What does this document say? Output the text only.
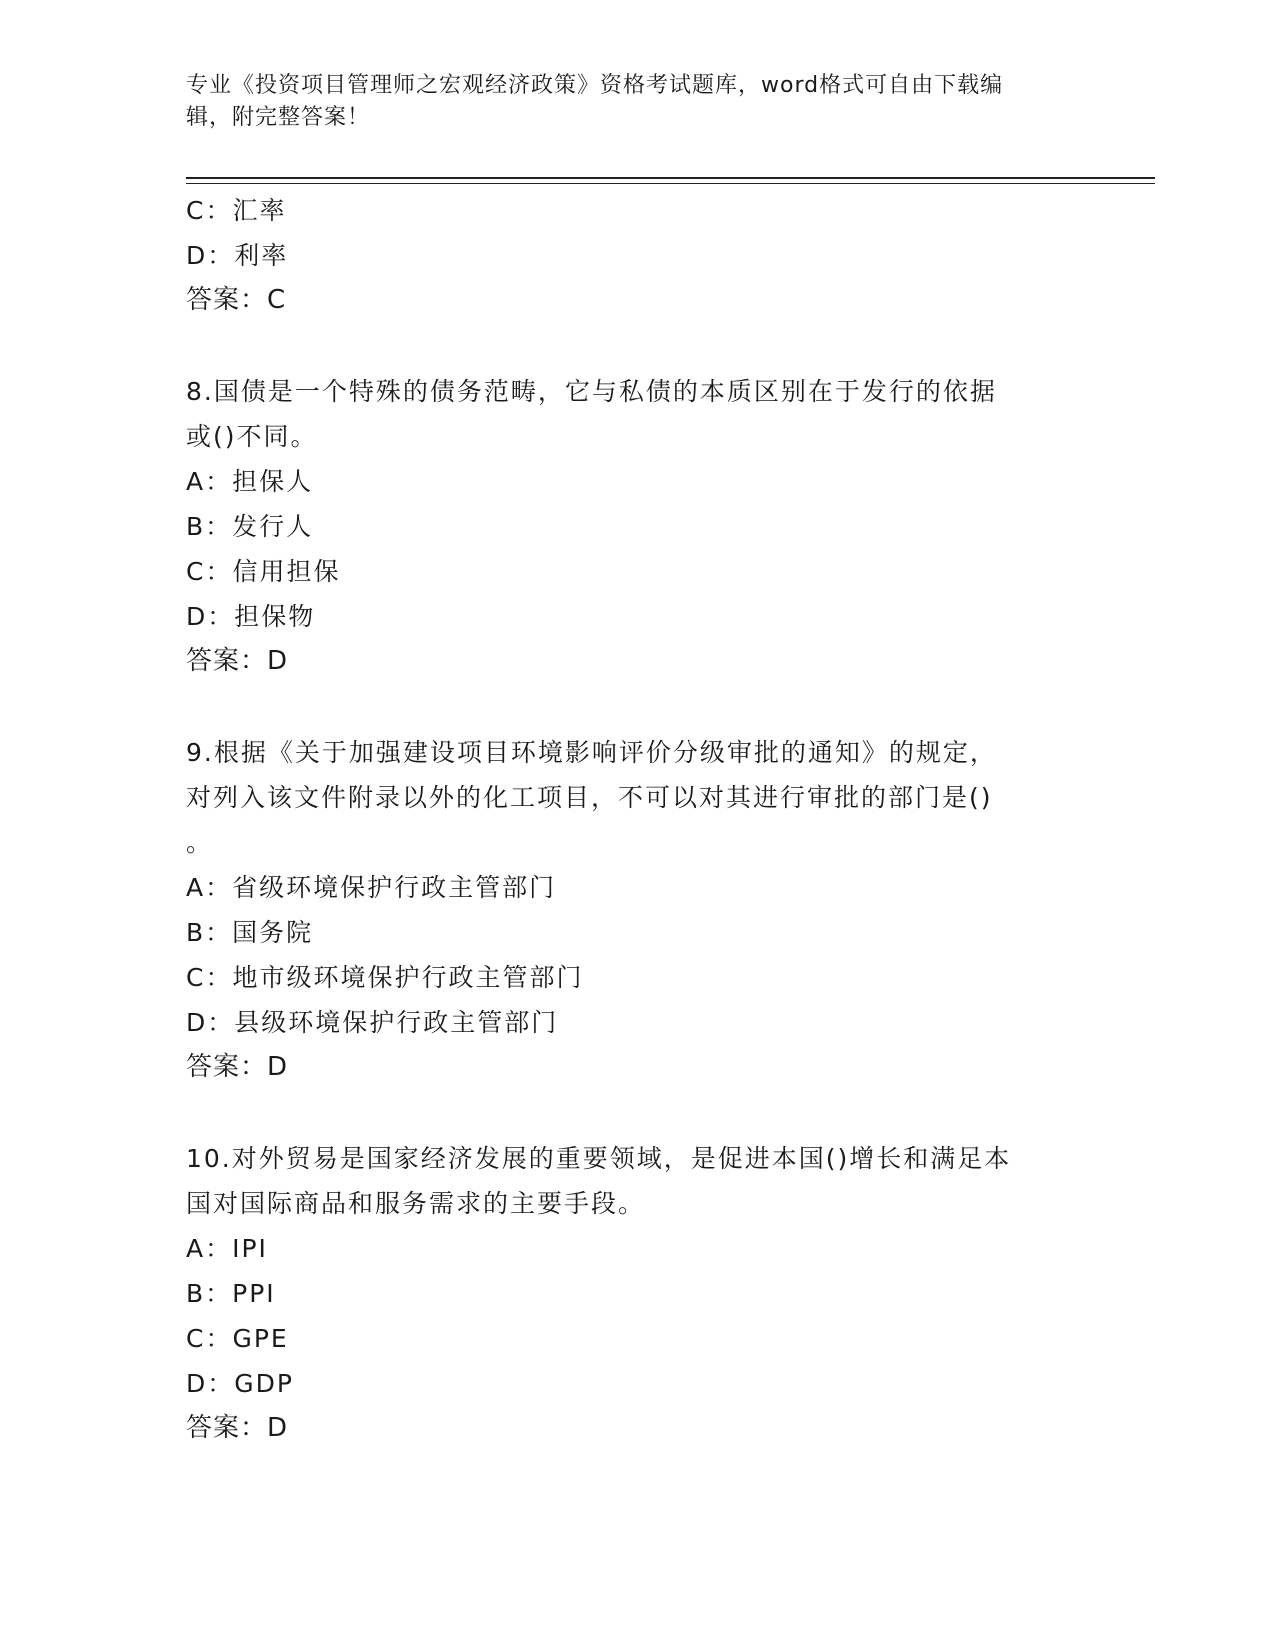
专业《投资项目管理师之宏观经济政策》资格考试题库，word格式可自由下载编
辑，附完整答案！
C：汇率
D：利率
答案：C
8.国债是一个特殊的债务范畴，它与私债的本质区别在于发行的依据
或()不同。
A：担保人
B：发行人
C：信用担保
D：担保物
答案：D
9.根据《关于加强建设项目环境影响评价分级审批的通知》的规定，
对列入该文件附录以外的化工项目，不可以对其进行审批的部门是()
。
A：省级环境保护行政主管部门
B：国务院
C：地市级环境保护行政主管部门
D：县级环境保护行政主管部门
答案：D
10.对外贸易是国家经济发展的重要领域，是促进本国()增长和满足本
国对国际商品和服务需求的主要手段。
A：IPI
B：PPI
C：GPE
D：GDP
答案：D
